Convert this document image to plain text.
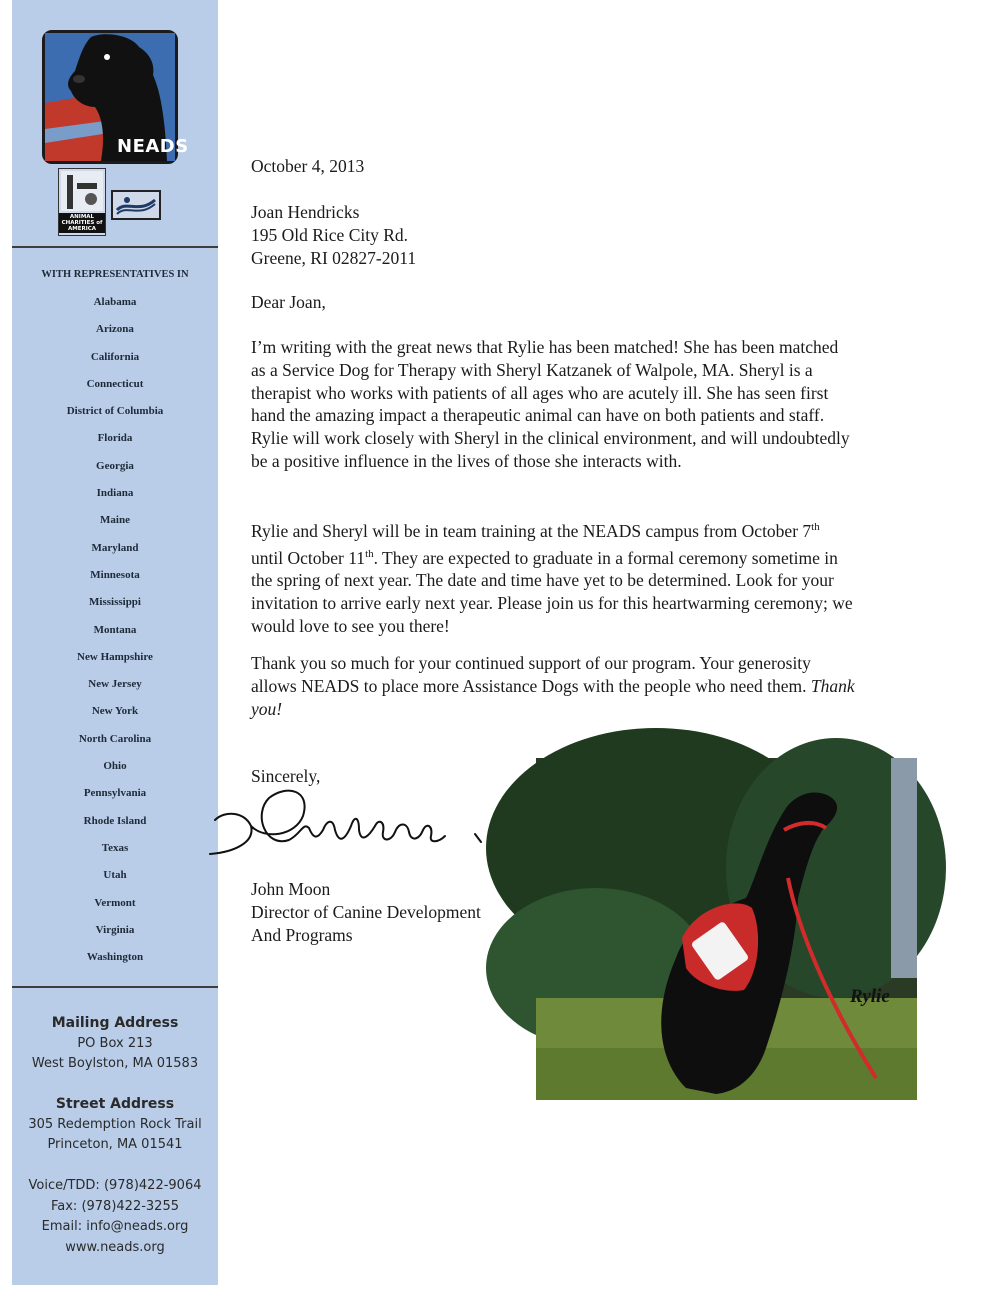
NEADS
ANIMAL CHARITIES of AMERICA
WITH REPRESENTATIVES IN
Alabama
Arizona
California
Connecticut
District of Columbia
Florida
Georgia
Indiana
Maine
Maryland
Minnesota
Mississippi
Montana
New Hampshire
New Jersey
New York
North Carolina
Ohio
Pennsylvania
Rhode Island
Texas
Utah
Vermont
Virginia
Washington
Mailing Address
PO Box 213
West Boylston, MA 01583
Street Address
305 Redemption Rock Trail
Princeton, MA 01541
Voice/TDD: (978)422-9064
Fax: (978)422-3255
Email: info@neads.org
www.neads.org
October 4, 2013
Joan Hendricks
195 Old Rice City Rd.
Greene, RI 02827-2011
Dear Joan,
I’m writing with the great news that Rylie has been matched! She has been matched as a Service Dog for Therapy with Sheryl Katzanek of Walpole, MA. Sheryl is a therapist who works with patients of all ages who are acutely ill. She has seen first hand the amazing impact a therapeutic animal can have on both patients and staff. Rylie will work closely with Sheryl in the clinical environment, and will undoubtedly be a positive influence in the lives of those she interacts with.
Rylie and Sheryl will be in team training at the NEADS campus from October 7th until October 11th. They are expected to graduate in a formal ceremony sometime in the spring of next year. The date and time have yet to be determined. Look for your invitation to arrive early next year. Please join us for this heartwarming ceremony; we would love to see you there!
Thank you so much for your continued support of our program. Your generosity allows NEADS to place more Assistance Dogs with the people who need them. Thank you!
Sincerely,
John Moon
Director of Canine Development
And Programs
Rylie
